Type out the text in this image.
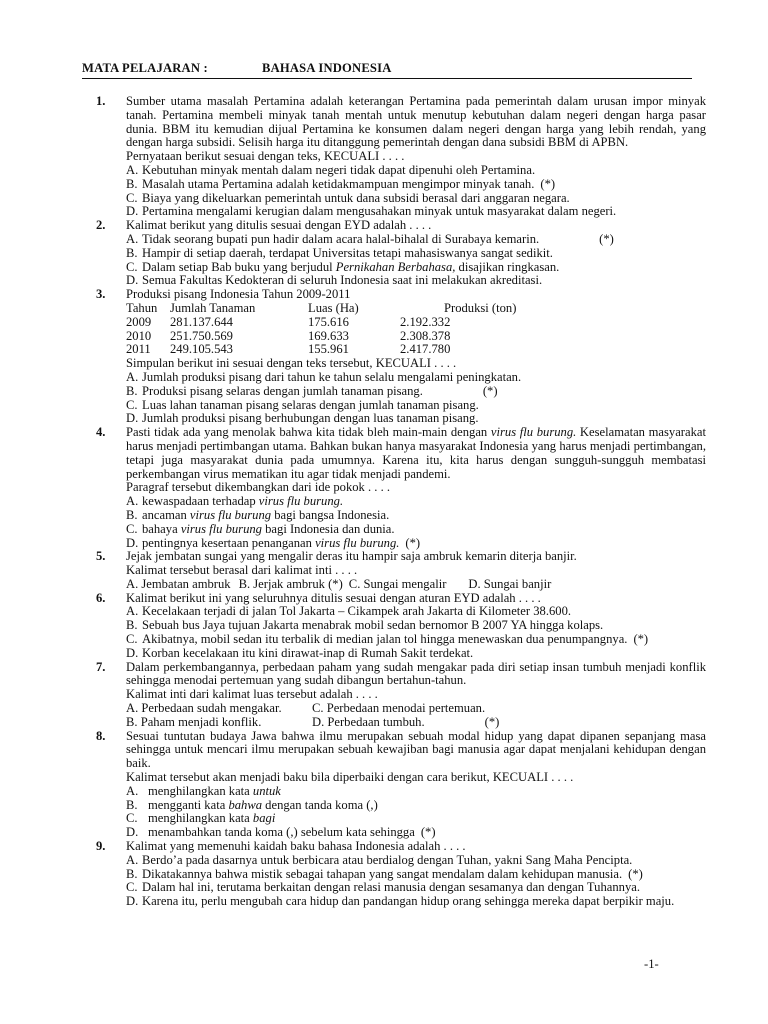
MATA PELAJARAN :	BAHASA INDONESIA
1. Sumber utama masalah Pertamina adalah keterangan Pertamina pada pemerintah dalam urusan impor minyak tanah. Pertamina membeli minyak tanah mentah untuk menutup kebutuhan dalam negeri dengan harga pasar dunia. BBM itu kemudian dijual Pertamina ke konsumen dalam negeri dengan harga yang lebih rendah, yang dengan harga subsidi. Selisih harga itu ditanggung pemerintah dengan dana subsidi BBM di APBN.
Pernyataan berikut sesuai dengan teks, KECUALI . . . .
A. Kebutuhan minyak mentah dalam negeri tidak dapat dipenuhi oleh Pertamina.
B. Masalah utama Pertamina adalah ketidakmampuan mengimpor minyak tanah. (*)
C. Biaya yang dikeluarkan pemerintah untuk dana subsidi berasal dari anggaran negara.
D. Pertamina mengalami kerugian dalam mengusahakan minyak untuk masyarakat dalam negeri.
2. Kalimat berikut yang ditulis sesuai dengan EYD adalah . . . .
A. Tidak seorang bupati pun hadir dalam acara halal-bihalal di Surabaya kemarin.	(*)
B. Hampir di setiap daerah, terdapat Universitas tetapi mahasiswanya sangat sedikit.
C. Dalam setiap Bab buku yang berjudul Pernikahan Berbahasa, disajikan ringkasan.
D. Semua Fakultas Kedokteran di seluruh Indonesia saat ini melakukan akreditasi.
3. Produksi pisang Indonesia Tahun 2009-2011
Tahun Jumlah Tanaman	Luas (Ha)	Produksi (ton)
2009 281.137.644	175.616	2.192.332
2010 251.750.569	169.633	2.308.378
2011 249.105.543	155.961	2.417.780
Simpulan berikut ini sesuai dengan teks tersebut, KECUALI . . . .
A. Jumlah produksi pisang dari tahun ke tahun selalu mengalami peningkatan.
B. Produksi pisang selaras dengan jumlah tanaman pisang.	(*)
C. Luas lahan tanaman pisang selaras dengan jumlah tanaman pisang.
D. Jumlah produksi pisang berhubungan dengan luas tanaman pisang.
4. Pasti tidak ada yang menolak bahwa kita tidak bleh main-main dengan virus flu burung. Keselamatan masyarakat harus menjadi pertimbangan utama. Bahkan bukan hanya masyarakat Indonesia yang harus menjadi pertimbangan, tetapi juga masyarakat dunia pada umumnya. Karena itu, kita harus dengan sungguh-sungguh membatasi perkembangan virus mematikan itu agar tidak menjadi pandemi.
Paragraf tersebut dikembangkan dari ide pokok . . . .
A. kewaspadaan terhadap virus flu burung.
B. ancaman virus flu burung bagi bangsa Indonesia.
C. bahaya virus flu burung bagi Indonesia dan dunia.
D. pentingnya kesertaan penanganan virus flu burung. (*)
5. Jejak jembatan sungai yang mengalir deras itu hampir saja ambruk kemarin diterja banjir.
Kalimat tersebut berasal dari kalimat inti . . . .
A. Jembatan ambruk B. Jerjak ambruk (*) C. Sungai mengalir D. Sungai banjir
6. Kalimat berikut ini yang seluruhnya ditulis sesuai dengan aturan EYD adalah . . . .
A. Kecelakaan terjadi di jalan Tol Jakarta – Cikampek arah Jakarta di Kilometer 38.600.
B. Sebuah bus Jaya tujuan Jakarta menabrak mobil sedan bernomor B 2007 YA hingga kolaps.
C. Akibatnya, mobil sedan itu terbalik di median jalan tol hingga menewaskan dua penumpangnya. (*)
D. Korban kecelakaan itu kini dirawat-inap di Rumah Sakit terdekat.
7. Dalam perkembangannya, perbedaan paham yang sudah mengakar pada diri setiap insan tumbuh menjadi konflik sehingga menodai pertemuan yang sudah dibangun bertahun-tahun.
Kalimat inti dari kalimat luas tersebut adalah . . . .
A. Perbedaan sudah mengakar. C. Perbedaan menodai pertemuan.
B. Paham menjadi konflik.	D. Perbedaan tumbuh.	(*)
8. Sesuai tuntutan budaya Jawa bahwa ilmu merupakan sebuah modal hidup yang dapat dipanen sepanjang masa sehingga untuk mencari ilmu merupakan sebuah kewajiban bagi manusia agar dapat menjalani kehidupan dengan baik.
Kalimat tersebut akan menjadi baku bila diperbaiki dengan cara berikut, KECUALI . . . .
A. menghilangkan kata untuk
B. mengganti kata bahwa dengan tanda koma (,)
C. menghilangkan kata bagi
D. menambahkan tanda koma (,) sebelum kata sehingga (*)
9. Kalimat yang memenuhi kaidah baku bahasa Indonesia adalah . . . .
A. Berdo’a pada dasarnya untuk berbicara atau berdialog dengan Tuhan, yakni Sang Maha Pencipta.
B. Dikatakannya bahwa mistik sebagai tahapan yang sangat mendalam dalam kehidupan manusia. (*)
C. Dalam hal ini, terutama berkaitan dengan relasi manusia dengan sesamanya dan dengan Tuhannya.
D. Karena itu, perlu mengubah cara hidup dan pandangan hidup orang sehingga mereka dapat berpikir maju.
-1-
